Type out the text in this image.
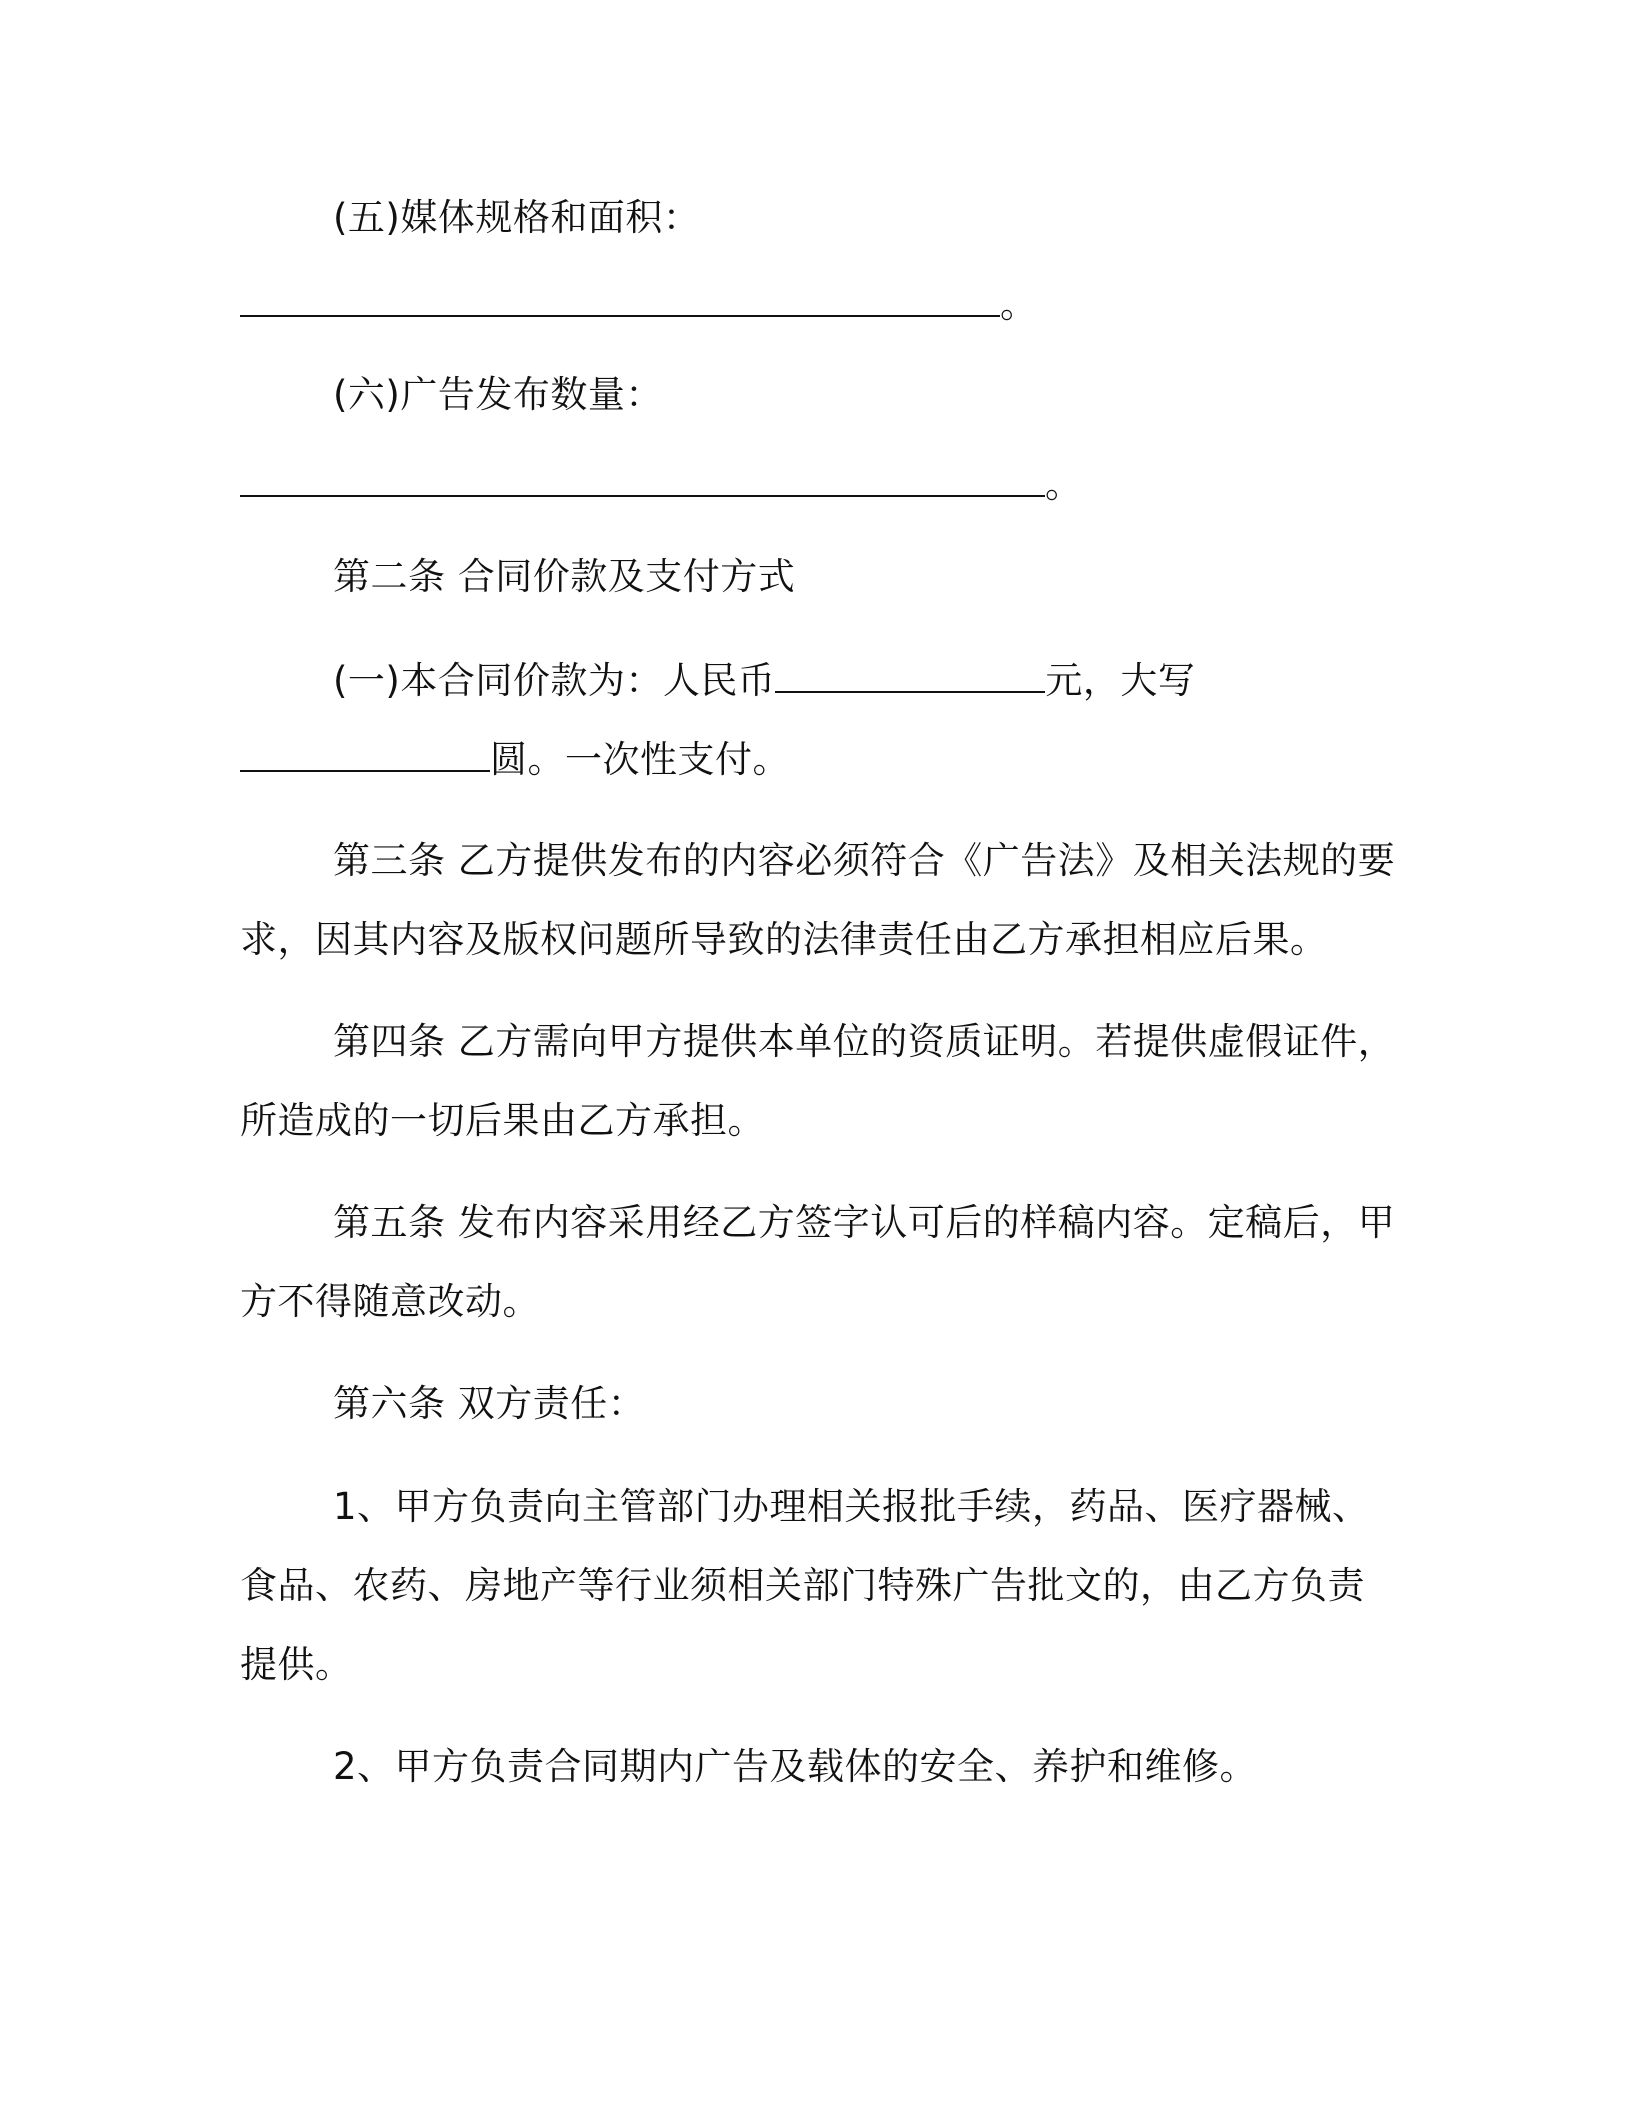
(五)媒体规格和面积：
。
(六)广告发布数量：
。
第二条 合同价款及支付方式
(一)本合同价款为：人民币	元，大写
圆。一次性支付。
第三条 乙方提供发布的内容必须符合《广告法》及相关法规的要
求，因其内容及版权问题所导致的法律责任由乙方承担相应后果。
第四条 乙方需向甲方提供本单位的资质证明。若提供虚假证件，
所造成的一切后果由乙方承担。
第五条 发布内容采用经乙方签字认可后的样稿内容。定稿后，甲
方不得随意改动。
第六条 双方责任：
1、甲方负责向主管部门办理相关报批手续，药品、医疗器械、
食品、农药、房地产等行业须相关部门特殊广告批文的，由乙方负责
提供。
2、甲方负责合同期内广告及载体的安全、养护和维修。
